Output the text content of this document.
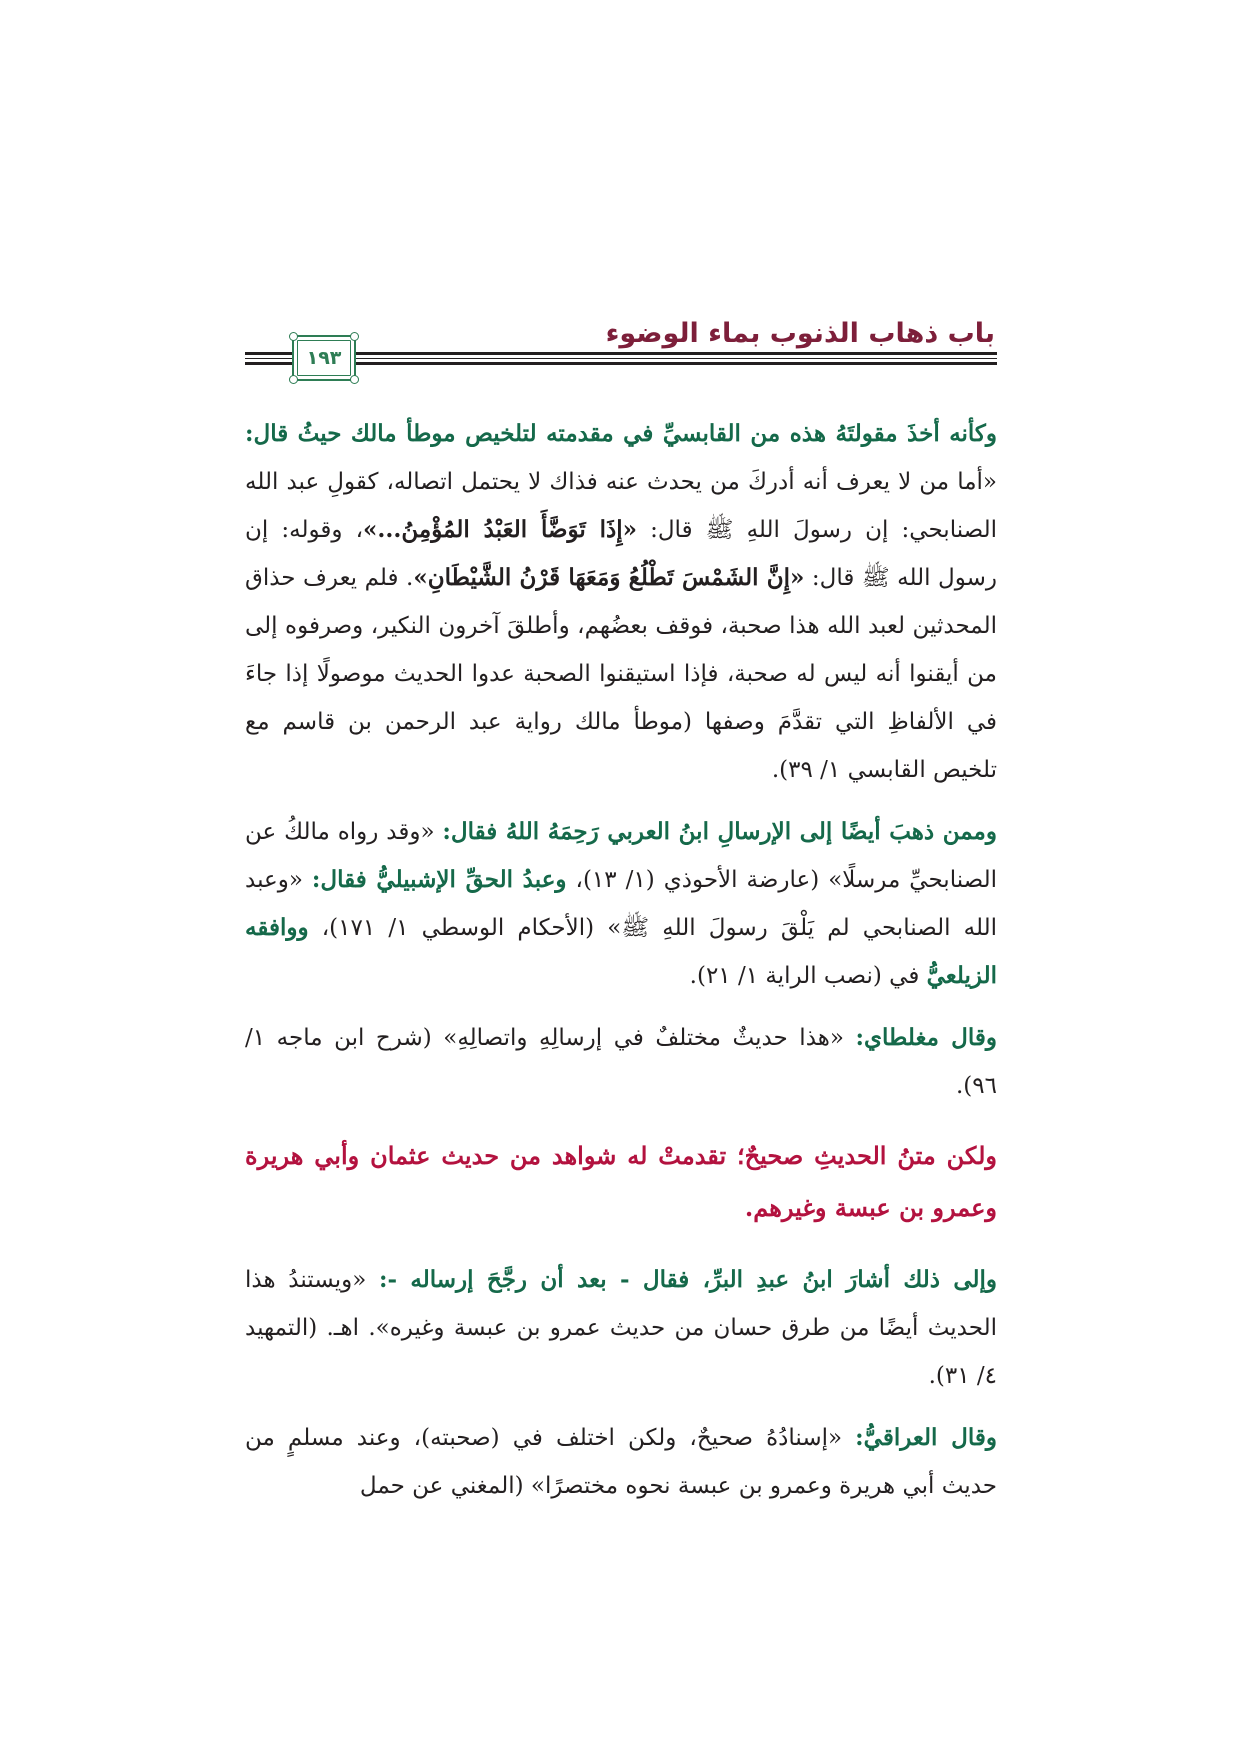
باب ذهاب الذنوب بماء الوضوء
١٩٣

وكأنه أخذَ مقولتَهُ هذه من القابسيِّ في مقدمته لتلخيص موطأ مالك حيثُ قال: «أما من لا يعرف أنه أدركَ من يحدث عنه فذاك لا يحتمل اتصاله، كقولِ عبد الله الصنابحي: إن رسولَ اللهِ ﷺ قال: «إِذَا تَوَضَّأَ العَبْدُ المُؤْمِنُ...»، وقوله: إن رسول الله ﷺ قال: «إِنَّ الشَمْسَ تَطْلُعُ وَمَعَهَا قَرْنُ الشَّيْطَانِ». فلم يعرف حذاق المحدثين لعبد الله هذا صحبة، فوقف بعضُهم، وأطلقَ آخرون النكير، وصرفوه إلى من أيقنوا أنه ليس له صحبة، فإذا استيقنوا الصحبة عدوا الحديث موصولًا إذا جاءَ في الألفاظِ التي تقدَّمَ وصفها (موطأ مالك رواية عبد الرحمن بن قاسم مع تلخيص القابسي ١/ ٣٩).

وممن ذهبَ أيضًا إلى الإرسالِ ابنُ العربي رَحِمَهُ اللهُ فقال: «وقد رواه مالكُ عن الصنابحيِّ مرسلًا» (عارضة الأحوذي (١/ ١٣)، وعبدُ الحقِّ الإشبيليُّ فقال: «وعبد الله الصنابحي لم يَلْقَ رسولَ اللهِ ﷺ» (الأحكام الوسطي ١/ ١٧١)، ووافقه الزيلعيُّ في (نصب الراية ١/ ٢١).

وقال مغلطاي: «هذا حديثٌ مختلفٌ في إرسالِهِ واتصالِهِ» (شرح ابن ماجه ١/ ٩٦).

ولكن متنُ الحديثِ صحيحٌ؛ تقدمتْ له شواهد من حديث عثمان وأبي هريرة وعمرو بن عبسة وغيرهم.

وإلى ذلك أشارَ ابنُ عبدِ البرِّ، فقال - بعد أن رجَّحَ إرساله -: «ويستندُ هذا الحديث أيضًا من طرق حسان من حديث عمرو بن عبسة وغيره». اهـ. (التمهيد ٤/ ٣١).

وقال العراقيُّ: «إسنادُهُ صحيحٌ، ولكن اختلف في (صحبته)، وعند مسلمٍ من حديث أبي هريرة وعمرو بن عبسة نحوه مختصرًا» (المغني عن حمل
